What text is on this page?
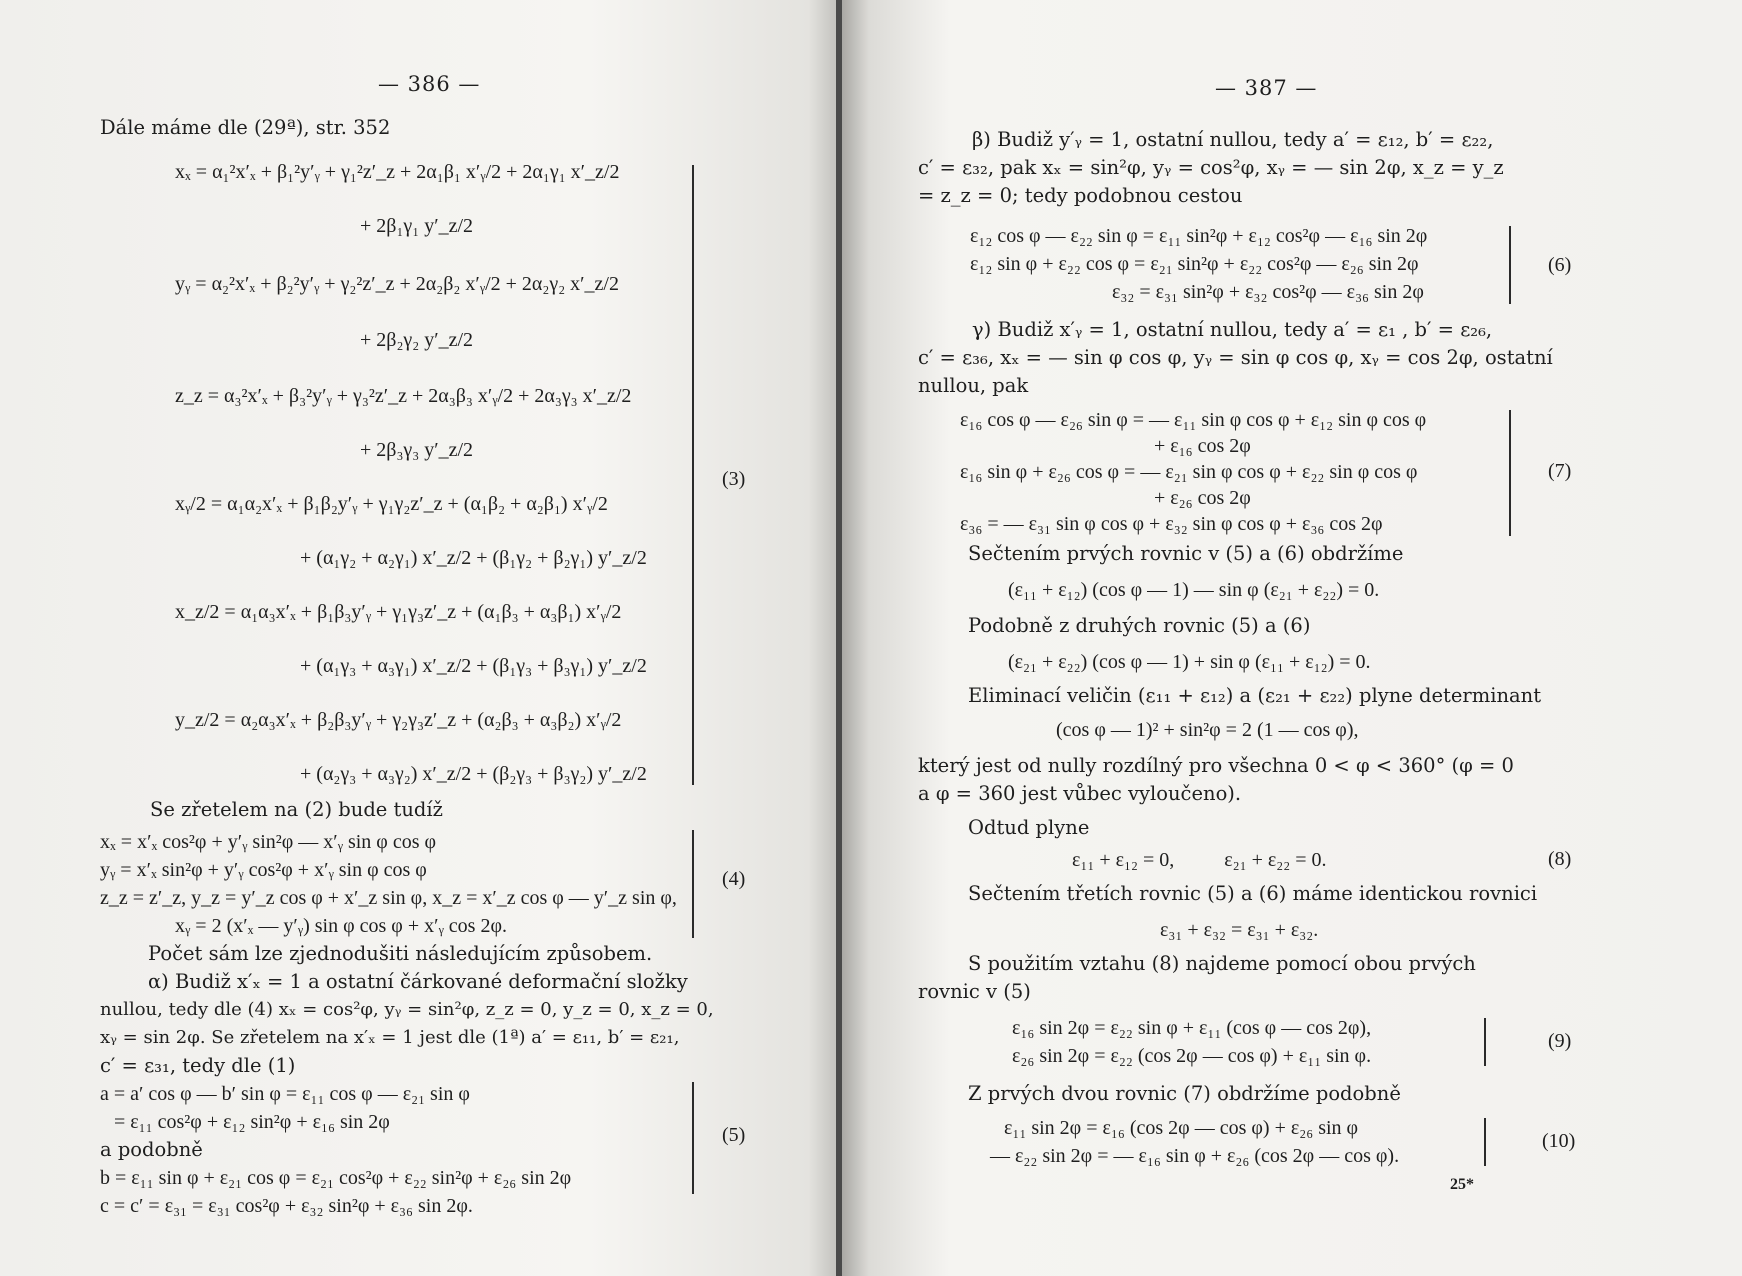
— 386 —
Dále máme dle (29ª), str. 352
xₓ = α₁²x′ₓ + β₁²y′ᵧ + γ₁²z′_z + 2α₁β₁ x′ᵧ/2 + 2α₁γ₁ x′_z/2
+ 2β₁γ₁ y′_z/2
yᵧ = α₂²x′ₓ + β₂²y′ᵧ + γ₂²z′_z + 2α₂β₂ x′ᵧ/2 + 2α₂γ₂ x′_z/2
+ 2β₂γ₂ y′_z/2
z_z = α₃²x′ₓ + β₃²y′ᵧ + γ₃²z′_z + 2α₃β₃ x′ᵧ/2 + 2α₃γ₃ x′_z/2
+ 2β₃γ₃ y′_z/2
xᵧ/2 = α₁α₂x′ₓ + β₁β₂y′ᵧ + γ₁γ₂z′_z + (α₁β₂ + α₂β₁) x′ᵧ/2
+ (α₁γ₂ + α₂γ₁) x′_z/2 + (β₁γ₂ + β₂γ₁) y′_z/2
x_z/2 = α₁α₃x′ₓ + β₁β₃y′ᵧ + γ₁γ₃z′_z + (α₁β₃ + α₃β₁) x′ᵧ/2
+ (α₁γ₃ + α₃γ₁) x′_z/2 + (β₁γ₃ + β₃γ₁) y′_z/2
y_z/2 = α₂α₃x′ₓ + β₂β₃y′ᵧ + γ₂γ₃z′_z + (α₂β₃ + α₃β₂) x′ᵧ/2
+ (α₂γ₃ + α₃γ₂) x′_z/2 + (β₂γ₃ + β₃γ₂) y′_z/2
(3)
Se zřetelem na (2) bude tudíž
xₓ = x′ₓ cos²φ + y′ᵧ sin²φ — x′ᵧ sin φ cos φ
yᵧ = x′ₓ sin²φ + y′ᵧ cos²φ + x′ᵧ sin φ cos φ
z_z = z′_z, y_z = y′_z cos φ + x′_z sin φ, x_z = x′_z cos φ — y′_z sin φ,
xᵧ = 2 (x′ₓ — y′ᵧ) sin φ cos φ + x′ᵧ cos 2φ.
(4)
Počet sám lze zjednodušiti následujícím způsobem.
α) Budiž x′ₓ = 1 a ostatní čárkované deformační složky
nullou, tedy dle (4) xₓ = cos²φ, yᵧ = sin²φ, z_z = 0, y_z = 0, x_z = 0,
xᵧ = sin 2φ. Se zřetelem na x′ₓ = 1 jest dle (1ª) a′ = ε₁₁, b′ = ε₂₁,
c′ = ε₃₁, tedy dle (1)
a = a′ cos φ — b′ sin φ = ε₁₁ cos φ — ε₂₁ sin φ
= ε₁₁ cos²φ + ε₁₂ sin²φ + ε₁₆ sin 2φ
a podobně
b = ε₁₁ sin φ + ε₂₁ cos φ = ε₂₁ cos²φ + ε₂₂ sin²φ + ε₂₆ sin 2φ
c = c′ = ε₃₁ = ε₃₁ cos²φ + ε₃₂ sin²φ + ε₃₆ sin 2φ.
(5)
— 387 —
β) Budiž y′ᵧ = 1, ostatní nullou, tedy a′ = ε₁₂, b′ = ε₂₂,
c′ = ε₃₂, pak xₓ = sin²φ, yᵧ = cos²φ, xᵧ = — sin 2φ, x_z = y_z
= z_z = 0; tedy podobnou cestou
ε₁₂ cos φ — ε₂₂ sin φ = ε₁₁ sin²φ + ε₁₂ cos²φ — ε₁₆ sin 2φ
ε₁₂ sin φ + ε₂₂ cos φ = ε₂₁ sin²φ + ε₂₂ cos²φ — ε₂₆ sin 2φ
ε₃₂ = ε₃₁ sin²φ + ε₃₂ cos²φ — ε₃₆ sin 2φ
(6)
γ) Budiž x′ᵧ = 1, ostatní nullou, tedy a′ = ε₁ , b′ = ε₂₆,
c′ = ε₃₆, xₓ = — sin φ cos φ, yᵧ = sin φ cos φ, xᵧ = cos 2φ, ostatní
nullou, pak
ε₁₆ cos φ — ε₂₆ sin φ = — ε₁₁ sin φ cos φ + ε₁₂ sin φ cos φ
+ ε₁₆ cos 2φ
ε₁₆ sin φ + ε₂₆ cos φ = — ε₂₁ sin φ cos φ + ε₂₂ sin φ cos φ
+ ε₂₆ cos 2φ
ε₃₆ = — ε₃₁ sin φ cos φ + ε₃₂ sin φ cos φ + ε₃₆ cos 2φ
(7)
Sečtením prvých rovnic v (5) a (6) obdržíme
(ε₁₁ + ε₁₂) (cos φ — 1) — sin φ (ε₂₁ + ε₂₂) = 0.
Podobně z druhých rovnic (5) a (6)
(ε₂₁ + ε₂₂) (cos φ — 1) + sin φ (ε₁₁ + ε₁₂) = 0.
Eliminací veličin (ε₁₁ + ε₁₂) a (ε₂₁ + ε₂₂) plyne determinant
(cos φ — 1)² + sin²φ = 2 (1 — cos φ),
který jest od nully rozdílný pro všechna 0 < φ < 360° (φ = 0
a φ = 360 jest vůbec vyloučeno).
Odtud plyne
ε₁₁ + ε₁₂ = 0,          ε₂₁ + ε₂₂ = 0.	(8)
Sečtením třetích rovnic (5) a (6) máme identickou rovnici
ε₃₁ + ε₃₂ = ε₃₁ + ε₃₂.
S použitím vztahu (8) najdeme pomocí obou prvých
rovnic v (5)
ε₁₆ sin 2φ = ε₂₂ sin φ + ε₁₁ (cos φ — cos 2φ),
ε₂₆ sin 2φ = ε₂₂ (cos 2φ — cos φ) + ε₁₁ sin φ.
(9)
Z prvých dvou rovnic (7) obdržíme podobně
ε₁₁ sin 2φ = ε₁₆ (cos 2φ — cos φ) + ε₂₆ sin φ
— ε₂₂ sin 2φ = — ε₁₆ sin φ + ε₂₆ (cos 2φ — cos φ).
(10)
25*
